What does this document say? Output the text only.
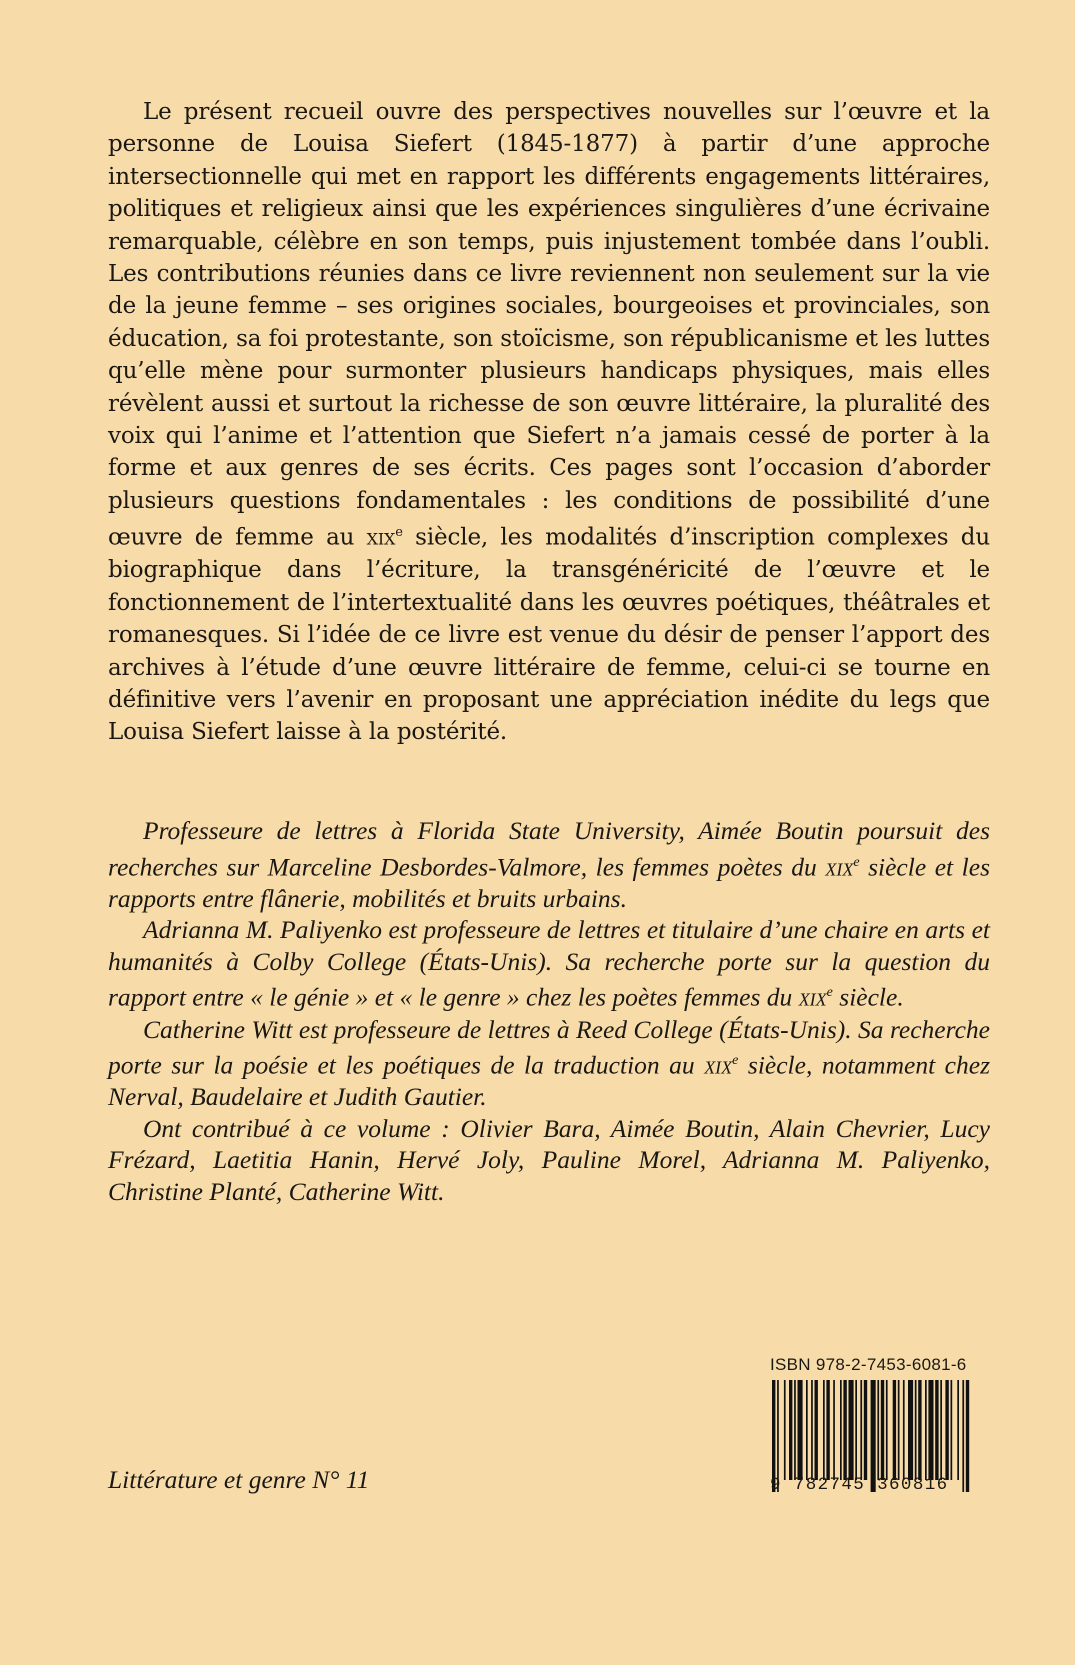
Le présent recueil ouvre des perspectives nouvelles sur l’œuvre et la personne de Louisa Siefert (1845-1877) à partir d’une approche intersectionnelle qui met en rapport les différents engagements littéraires, politiques et religieux ainsi que les expériences singulières d’une écrivaine remarquable, célèbre en son temps, puis injustement tombée dans l’oubli. Les contributions réunies dans ce livre reviennent non seulement sur la vie de la jeune femme – ses origines sociales, bourgeoises et provinciales, son éducation, sa foi protestante, son stoïcisme, son républicanisme et les luttes qu’elle mène pour surmonter plusieurs handicaps physiques, mais elles révèlent aussi et surtout la richesse de son œuvre littéraire, la pluralité des voix qui l’anime et l’attention que Siefert n’a jamais cessé de porter à la forme et aux genres de ses écrits. Ces pages sont l’occasion d’aborder plusieurs questions fondamentales : les conditions de possibilité d’une œuvre de femme au xix$^e$ siècle, les modalités d’inscription complexes du biographique dans l’écriture, la transgénéricité de l’œuvre et le fonctionnement de l’intertextualité dans les œuvres poétiques, théâtrales et romanesques. Si l’idée de ce livre est venue du désir de penser l’apport des archives à l’étude d’une œuvre littéraire de femme, celui-ci se tourne en définitive vers l’avenir en proposant une appréciation inédite du legs que Louisa Siefert laisse à la postérité.

Professeure de lettres à Florida State University, Aimée Boutin poursuit des recherches sur Marceline Desbordes-Valmore, les femmes poètes du xix$^e$ siècle et les rapports entre flânerie, mobilités et bruits urbains.

Adrianna M. Paliyenko est professeure de lettres et titulaire d’une chaire en arts et humanités à Colby College (États-Unis). Sa recherche porte sur la question du rapport entre « le génie » et « le genre » chez les poètes femmes du xix$^e$ siècle.

Catherine Witt est professeure de lettres à Reed College (États-Unis). Sa recherche porte sur la poésie et les poétiques de la traduction au xix$^e$ siècle, notamment chez Nerval, Baudelaire et Judith Gautier.

Ont contribué à ce volume : Olivier Bara, Aimée Boutin, Alain Chevrier, Lucy Frézard, Laetitia Hanin, Hervé Joly, Pauline Morel, Adrianna M. Paliyenko, Christine Planté, Catherine Witt.

Littérature et genre N° 11
ISBN 978-2-7453-6081-6
9 782745 360816
